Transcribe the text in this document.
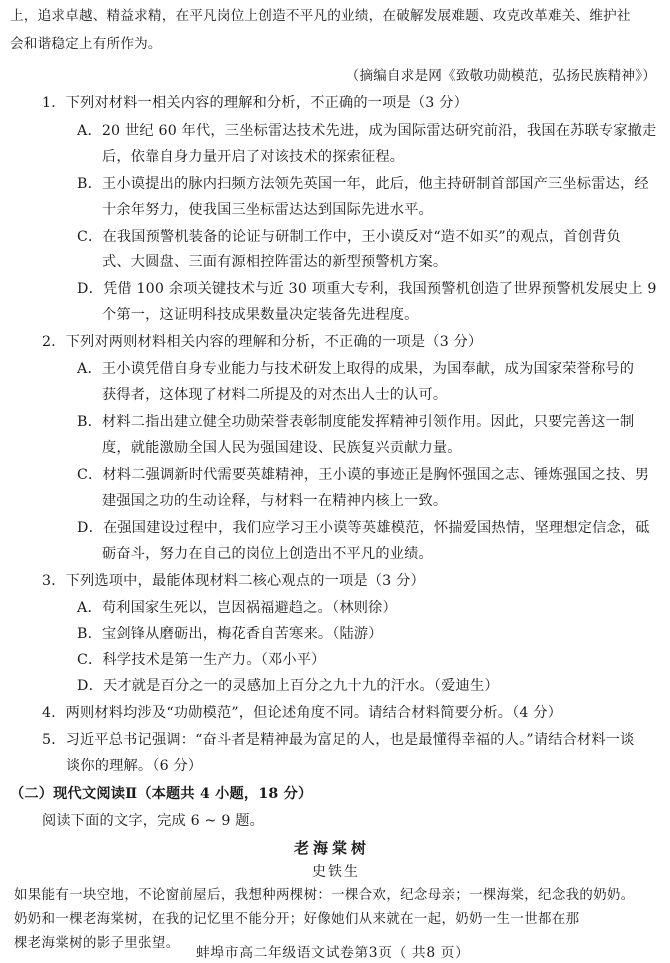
上，追求卓越、精益求精，在平凡岗位上创造不平凡的业绩，在破解发展难题、攻克改革难关、维护社
会和谐稳定上有所作为。
（摘编自求是网《致敬功勋模范，弘扬民族精神》）
1．下列对材料一相关内容的理解和分析，不正确的一项是（3 分）
A．20 世纪 60 年代，三坐标雷达技术先进，成为国际雷达研究前沿，我国在苏联专家撤走
后，依靠自身力量开启了对该技术的探索征程。
B．王小谟提出的脉内扫频方法领先英国一年，此后，他主持研制首部国产三坐标雷达，经
十余年努力，使我国三坐标雷达达到国际先进水平。
C．在我国预警机装备的论证与研制工作中，王小谟反对“造不如买”的观点，首创背负
式、大圆盘、三面有源相控阵雷达的新型预警机方案。
D．凭借 100 余项关键技术与近 30 项重大专利，我国预警机创造了世界预警机发展史上 9
个第一，这证明科技成果数量决定装备先进程度。
2．下列对两则材料相关内容的理解和分析，不正确的一项是（3 分）
A．王小谟凭借自身专业能力与技术研发上取得的成果，为国奉献，成为国家荣誉称号的
获得者，这体现了材料二所提及的对杰出人士的认可。
B．材料二指出建立健全功勋荣誉表彰制度能发挥精神引领作用。因此，只要完善这一制
度，就能激励全国人民为强国建设、民族复兴贡献力量。
C．材料二强调新时代需要英雄精神，王小谟的事迹正是胸怀强国之志、锤炼强国之技、男
建强国之功的生动诠释，与材料一在精神内核上一致。
D．在强国建设过程中，我们应学习王小谟等英雄模范，怀揣爱国热情，坚理想定信念，砥
砺奋斗，努力在自己的岗位上创造出不平凡的业绩。
3．下列选项中，最能体现材料二核心观点的一项是（3 分）
A．苟利国家生死以，岂因祸福避趋之。（林则徐）
B．宝剑锋从磨砺出，梅花香自苦寒来。（陆游）
C．科学技术是第一生产力。（邓小平）
D．天才就是百分之一的灵感加上百分之九十九的汗水。（爱迪生）
4．两则材料均涉及“功勋模范”，但论述角度不同。请结合材料简要分析。（4 分）
5．习近平总书记强调：“奋斗者是精神最为富足的人，也是最懂得幸福的人。”请结合材料一谈
谈你的理解。（6 分）
（二）现代文阅读Ⅱ（本题共 4 小题，18 分）
阅读下面的文字，完成 6 ~ 9 题。
老海棠树
史铁生
如果能有一块空地，不论窗前屋后，我想种两棵树：一棵合欢，纪念母亲；一棵海棠，纪念我的奶奶。
奶奶和一棵老海棠树，在我的记忆里不能分开；好像她们从来就在一起，奶奶一生一世都在那
棵老海棠树的影子里张望。
蚌埠市高二年级语文试卷第3页（ 共8 页）
